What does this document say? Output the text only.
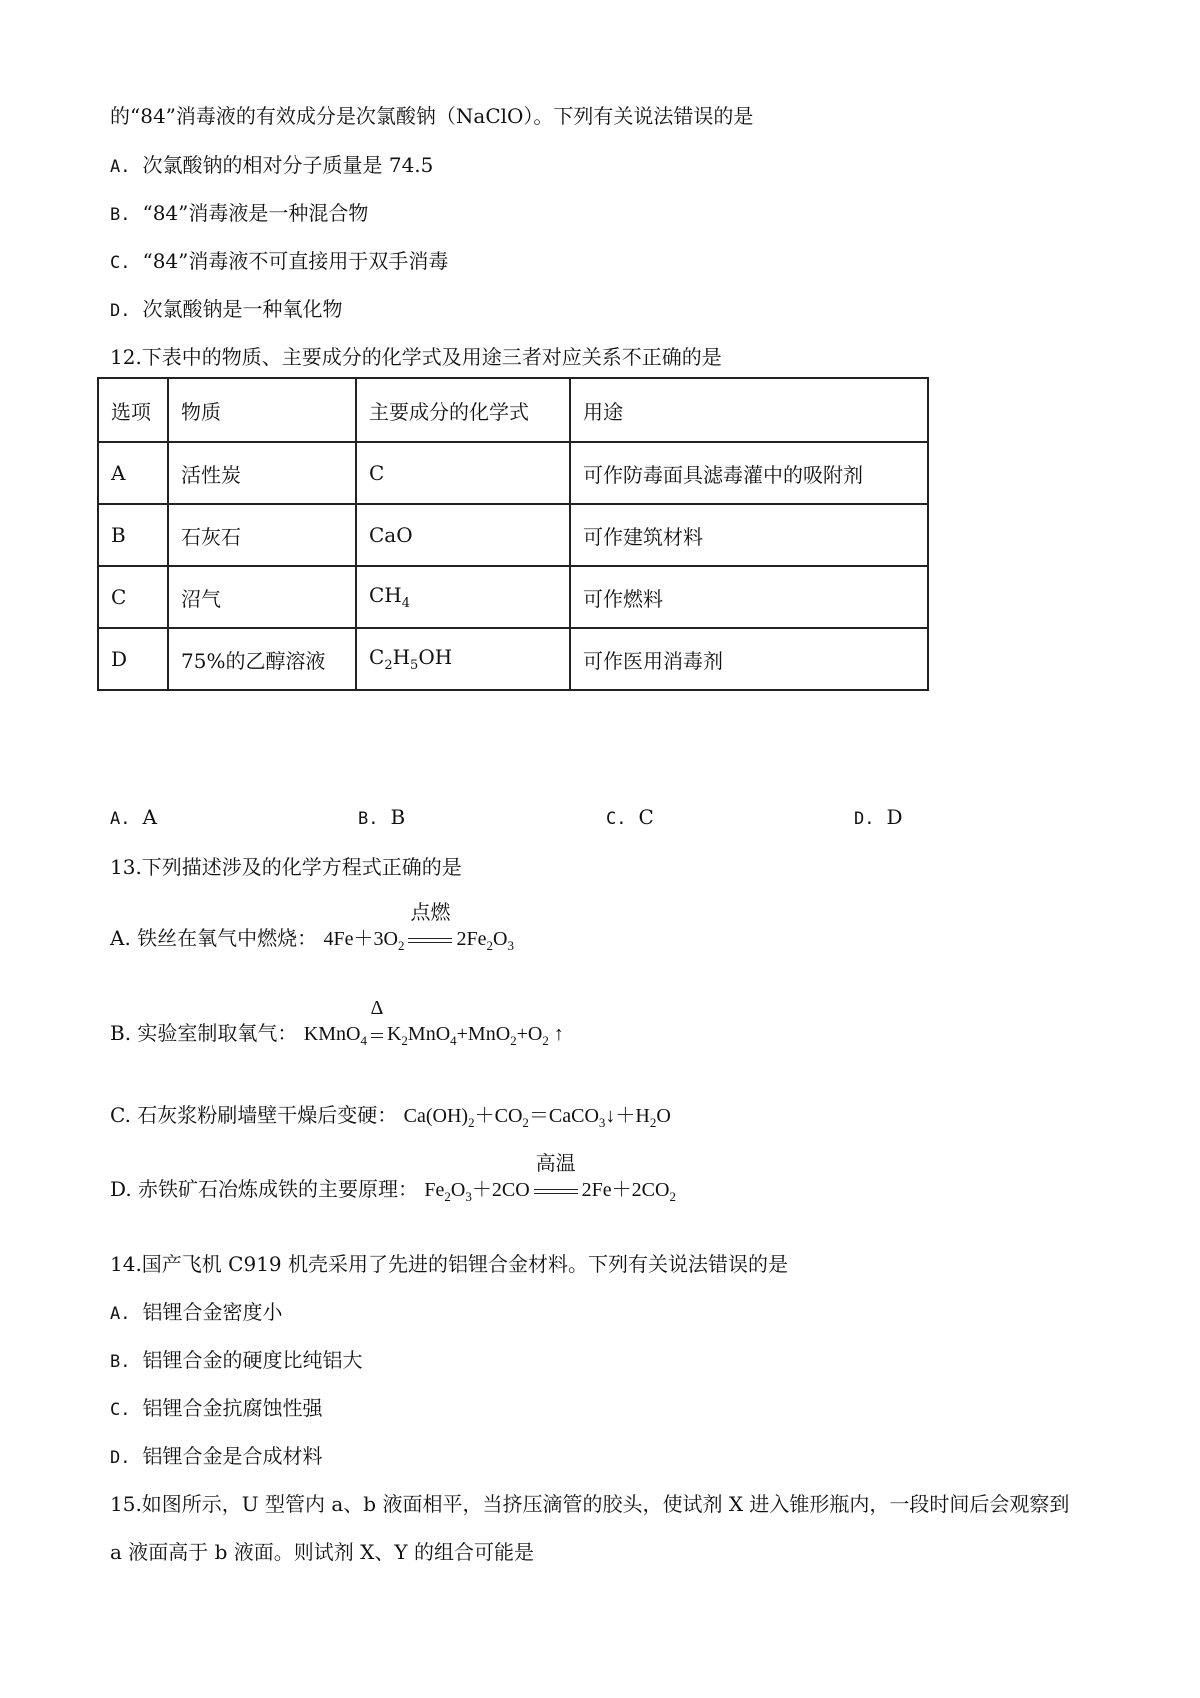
的“84”消毒液的有效成分是次氯酸钠（NaClO）。下列有关说法错误的是
A. 次氯酸钠的相对分子质量是 74.5
B. “84”消毒液是一种混合物
C. “84”消毒液不可直接用于双手消毒
D. 次氯酸钠是一种氧化物
12.下表中的物质、主要成分的化学式及用途三者对应关系不正确的是
选项	物质	主要成分的化学式	用途
A	活性炭	C	可作防毒面具滤毒灌中的吸附剂
B	石灰石	CaO	可作建筑材料
C	沼气	$CH_4$	可作燃料
D	75%的乙醇溶液	$C_2H_5OH$	可作医用消毒剂
A. A	B. B	C. C	D. D
13.下列描述涉及的化学方程式正确的是
A. 铁丝在氧气中燃烧： $4Fe+3O_2$
点燃
$2Fe_2O_3$
B. 实验室制取氧气： KMnO$_4$
Δ
$K_2MnO_4+MnO_2+O_2$ ↑
C. 石灰浆粉刷墙壁干燥后变硬： $Ca(OH)_2+CO_2=CaCO_3↓+H_2O$
D. 赤铁矿石冶炼成铁的主要原理： $Fe_2O_3+2CO$
高温
$2Fe+2CO_2$
14.国产飞机 C919 机壳采用了先进的铝锂合金材料。下列有关说法错误的是
A. 铝锂合金密度小
B. 铝锂合金的硬度比纯铝大
C. 铝锂合金抗腐蚀性强
D. 铝锂合金是合成材料
15.如图所示，U 型管内 a、b 液面相平，当挤压滴管的胶头，使试剂 X 进入锥形瓶内，一段时间后会观察到
a 液面高于 b 液面。则试剂 X、Y 的组合可能是
